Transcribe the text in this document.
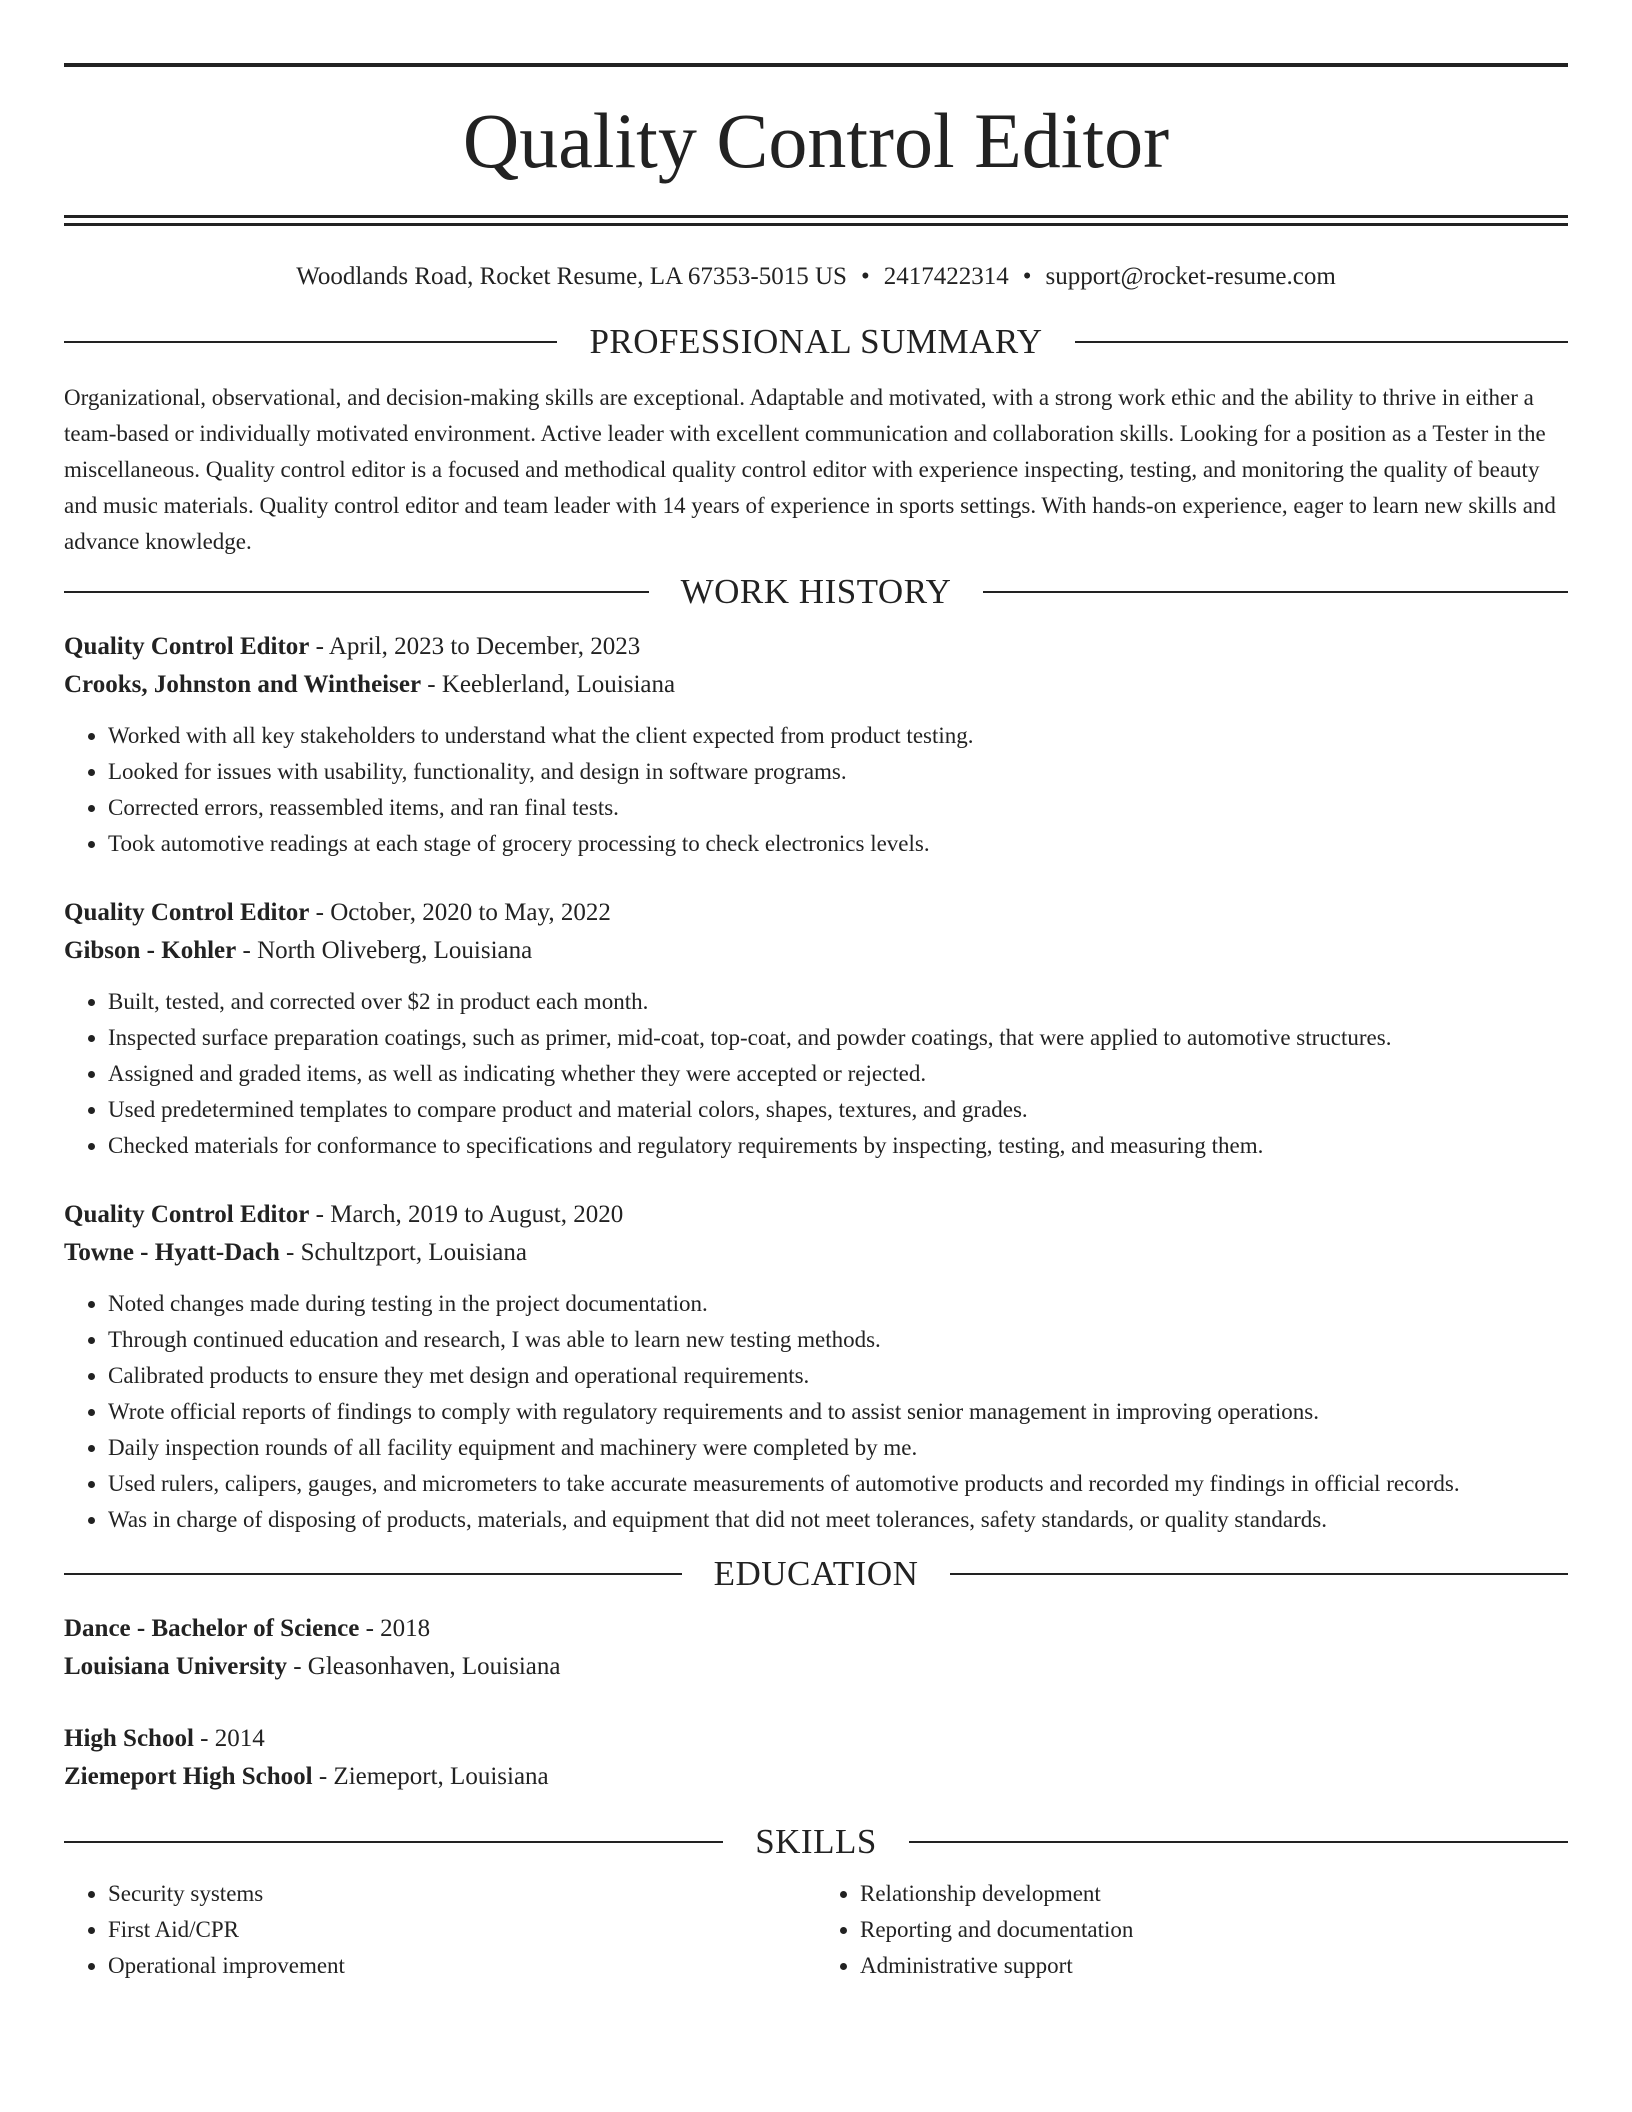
Quality Control Editor
Woodlands Road, Rocket Resume, LA 67353-5015 US • 2417422314 • support@rocket-resume.com
PROFESSIONAL SUMMARY

Organizational, observational, and decision-making skills are exceptional. Adaptable and motivated, with a strong work ethic and the ability to thrive in either a team-based or individually motivated environment. Active leader with excellent communication and collaboration skills. Looking for a position as a Tester in the miscellaneous. Quality control editor is a focused and methodical quality control editor with experience inspecting, testing, and monitoring the quality of beauty and music materials. Quality control editor and team leader with 14 years of experience in sports settings. With hands-on experience, eager to learn new skills and advance knowledge.

WORK HISTORY
Quality Control Editor - April, 2023 to December, 2023
Crooks, Johnston and Wintheiser - Keeblerland, Louisiana
• Worked with all key stakeholders to understand what the client expected from product testing.
• Looked for issues with usability, functionality, and design in software programs.
• Corrected errors, reassembled items, and ran final tests.
• Took automotive readings at each stage of grocery processing to check electronics levels.
Quality Control Editor - October, 2020 to May, 2022
Gibson - Kohler - North Oliveberg, Louisiana
• Built, tested, and corrected over $2 in product each month.
• Inspected surface preparation coatings, such as primer, mid-coat, top-coat, and powder coatings, that were applied to automotive structures.
• Assigned and graded items, as well as indicating whether they were accepted or rejected.
• Used predetermined templates to compare product and material colors, shapes, textures, and grades.
• Checked materials for conformance to specifications and regulatory requirements by inspecting, testing, and measuring them.
Quality Control Editor - March, 2019 to August, 2020
Towne - Hyatt-Dach - Schultzport, Louisiana
• Noted changes made during testing in the project documentation.
• Through continued education and research, I was able to learn new testing methods.
• Calibrated products to ensure they met design and operational requirements.
• Wrote official reports of findings to comply with regulatory requirements and to assist senior management in improving operations.
• Daily inspection rounds of all facility equipment and machinery were completed by me.
• Used rulers, calipers, gauges, and micrometers to take accurate measurements of automotive products and recorded my findings in official records.
• Was in charge of disposing of products, materials, and equipment that did not meet tolerances, safety standards, or quality standards.
EDUCATION
Dance - Bachelor of Science - 2018
Louisiana University - Gleasonhaven, Louisiana
High School - 2014
Ziemeport High School - Ziemeport, Louisiana
SKILLS
• Security systems
• First Aid/CPR
• Operational improvement
• Relationship development
• Reporting and documentation
• Administrative support
